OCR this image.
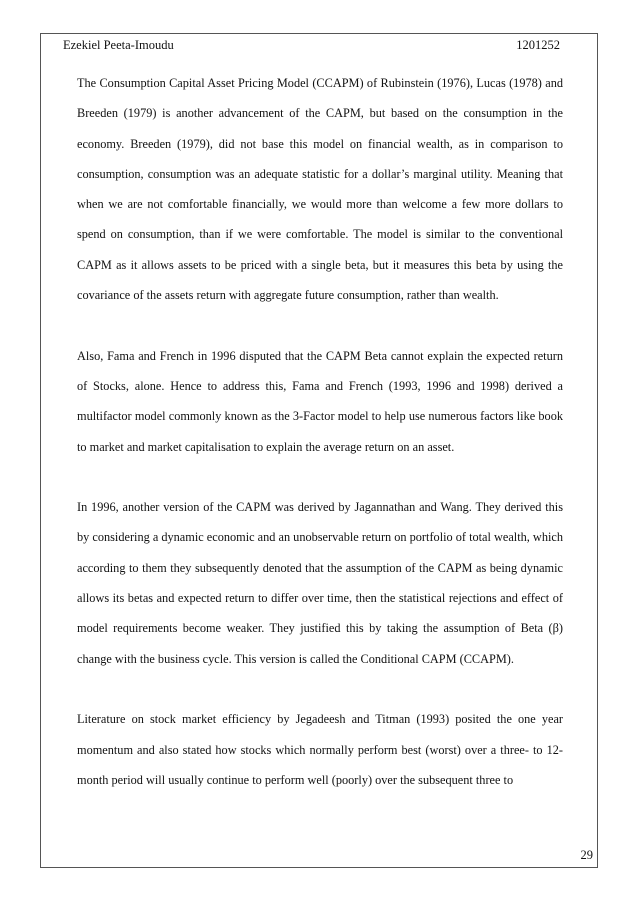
Ezekiel Peeta-Imoudu	1201252

The Consumption Capital Asset Pricing Model (CCAPM) of Rubinstein (1976), Lucas (1978) and Breeden (1979) is another advancement of the CAPM, but based on the consumption in the economy. Breeden (1979), did not base this model on financial wealth, as in comparison to consumption, consumption was an adequate statistic for a dollar’s marginal utility. Meaning that when we are not comfortable financially, we would more than welcome a few more dollars to spend on consumption, than if we were comfortable. The model is similar to the conventional CAPM as it allows assets to be priced with a single beta, but it measures this beta by using the covariance of the assets return with aggregate future consumption, rather than wealth.

Also, Fama and French in 1996 disputed that the CAPM Beta cannot explain the expected return of Stocks, alone. Hence to address this, Fama and French (1993, 1996 and 1998) derived a multifactor model commonly known as the 3-Factor model to help use numerous factors like book to market and market capitalisation to explain the average return on an asset.

In 1996, another version of the CAPM was derived by Jagannathan and Wang. They derived this by considering a dynamic economic and an unobservable return on portfolio of total wealth, which according to them they subsequently denoted that the assumption of the CAPM as being dynamic allows its betas and expected return to differ over time, then the statistical rejections and effect of model requirements become weaker. They justified this by taking the assumption of Beta (β) change with the business cycle. This version is called the Conditional CAPM (CCAPM).

Literature on stock market efficiency by Jegadeesh and Titman (1993) posited the one year momentum and also stated how stocks which normally perform best (worst) over a three- to 12-month period will usually continue to perform well (poorly) over the subsequent three to

29
